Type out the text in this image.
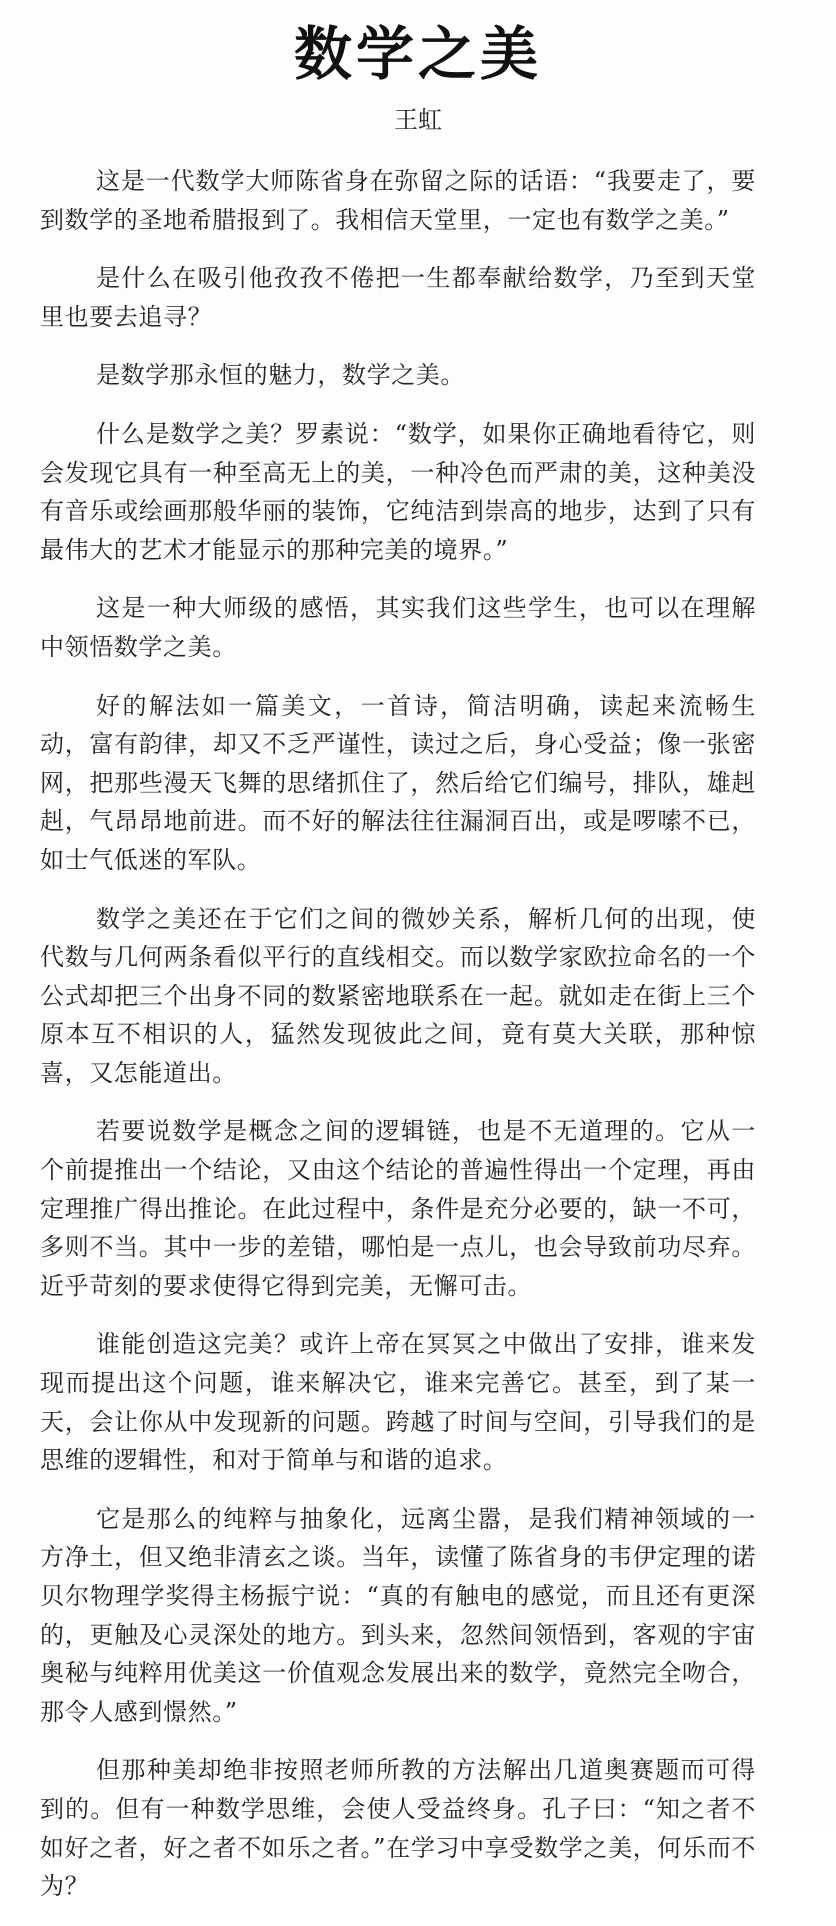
数学之美

王虹

这是一代数学大师陈省身在弥留之际的话语：“我要走了，要到数学的圣地希腊报到了。我相信天堂里，一定也有数学之美。”

是什么在吸引他孜孜不倦把一生都奉献给数学，乃至到天堂里也要去追寻？

是数学那永恒的魅力，数学之美。

什么是数学之美？罗素说：“数学，如果你正确地看待它，则会发现它具有一种至高无上的美，一种冷色而严肃的美，这种美没有音乐或绘画那般华丽的装饰，它纯洁到崇高的地步，达到了只有最伟大的艺术才能显示的那种完美的境界。”

这是一种大师级的感悟，其实我们这些学生，也可以在理解中领悟数学之美。

好的解法如一篇美文，一首诗，简洁明确，读起来流畅生动，富有韵律，却又不乏严谨性，读过之后，身心受益；像一张密网，把那些漫天飞舞的思绪抓住了，然后给它们编号，排队，雄赳赳，气昂昂地前进。而不好的解法往往漏洞百出，或是啰嗦不已，如士气低迷的军队。

数学之美还在于它们之间的微妙关系，解析几何的出现，使代数与几何两条看似平行的直线相交。而以数学家欧拉命名的一个公式却把三个出身不同的数紧密地联系在一起。就如走在街上三个原本互不相识的人，猛然发现彼此之间，竟有莫大关联，那种惊喜，又怎能道出。

若要说数学是概念之间的逻辑链，也是不无道理的。它从一个前提推出一个结论，又由这个结论的普遍性得出一个定理，再由定理推广得出推论。在此过程中，条件是充分必要的，缺一不可，多则不当。其中一步的差错，哪怕是一点儿，也会导致前功尽弃。近乎苛刻的要求使得它得到完美，无懈可击。

谁能创造这完美？或许上帝在冥冥之中做出了安排，谁来发现而提出这个问题，谁来解决它，谁来完善它。甚至，到了某一天，会让你从中发现新的问题。跨越了时间与空间，引导我们的是思维的逻辑性，和对于简单与和谐的追求。

它是那么的纯粹与抽象化，远离尘嚣，是我们精神领域的一方净土，但又绝非清玄之谈。当年，读懂了陈省身的韦伊定理的诺贝尔物理学奖得主杨振宁说：“真的有触电的感觉，而且还有更深的，更触及心灵深处的地方。到头来，忽然间领悟到，客观的宇宙奥秘与纯粹用优美这一价值观念发展出来的数学，竟然完全吻合，那令人感到憬然。”

但那种美却绝非按照老师所教的方法解出几道奥赛题而可得到的。但有一种数学思维，会使人受益终身。孔子曰：“知之者不如好之者，好之者不如乐之者。”在学习中享受数学之美，何乐而不为？
